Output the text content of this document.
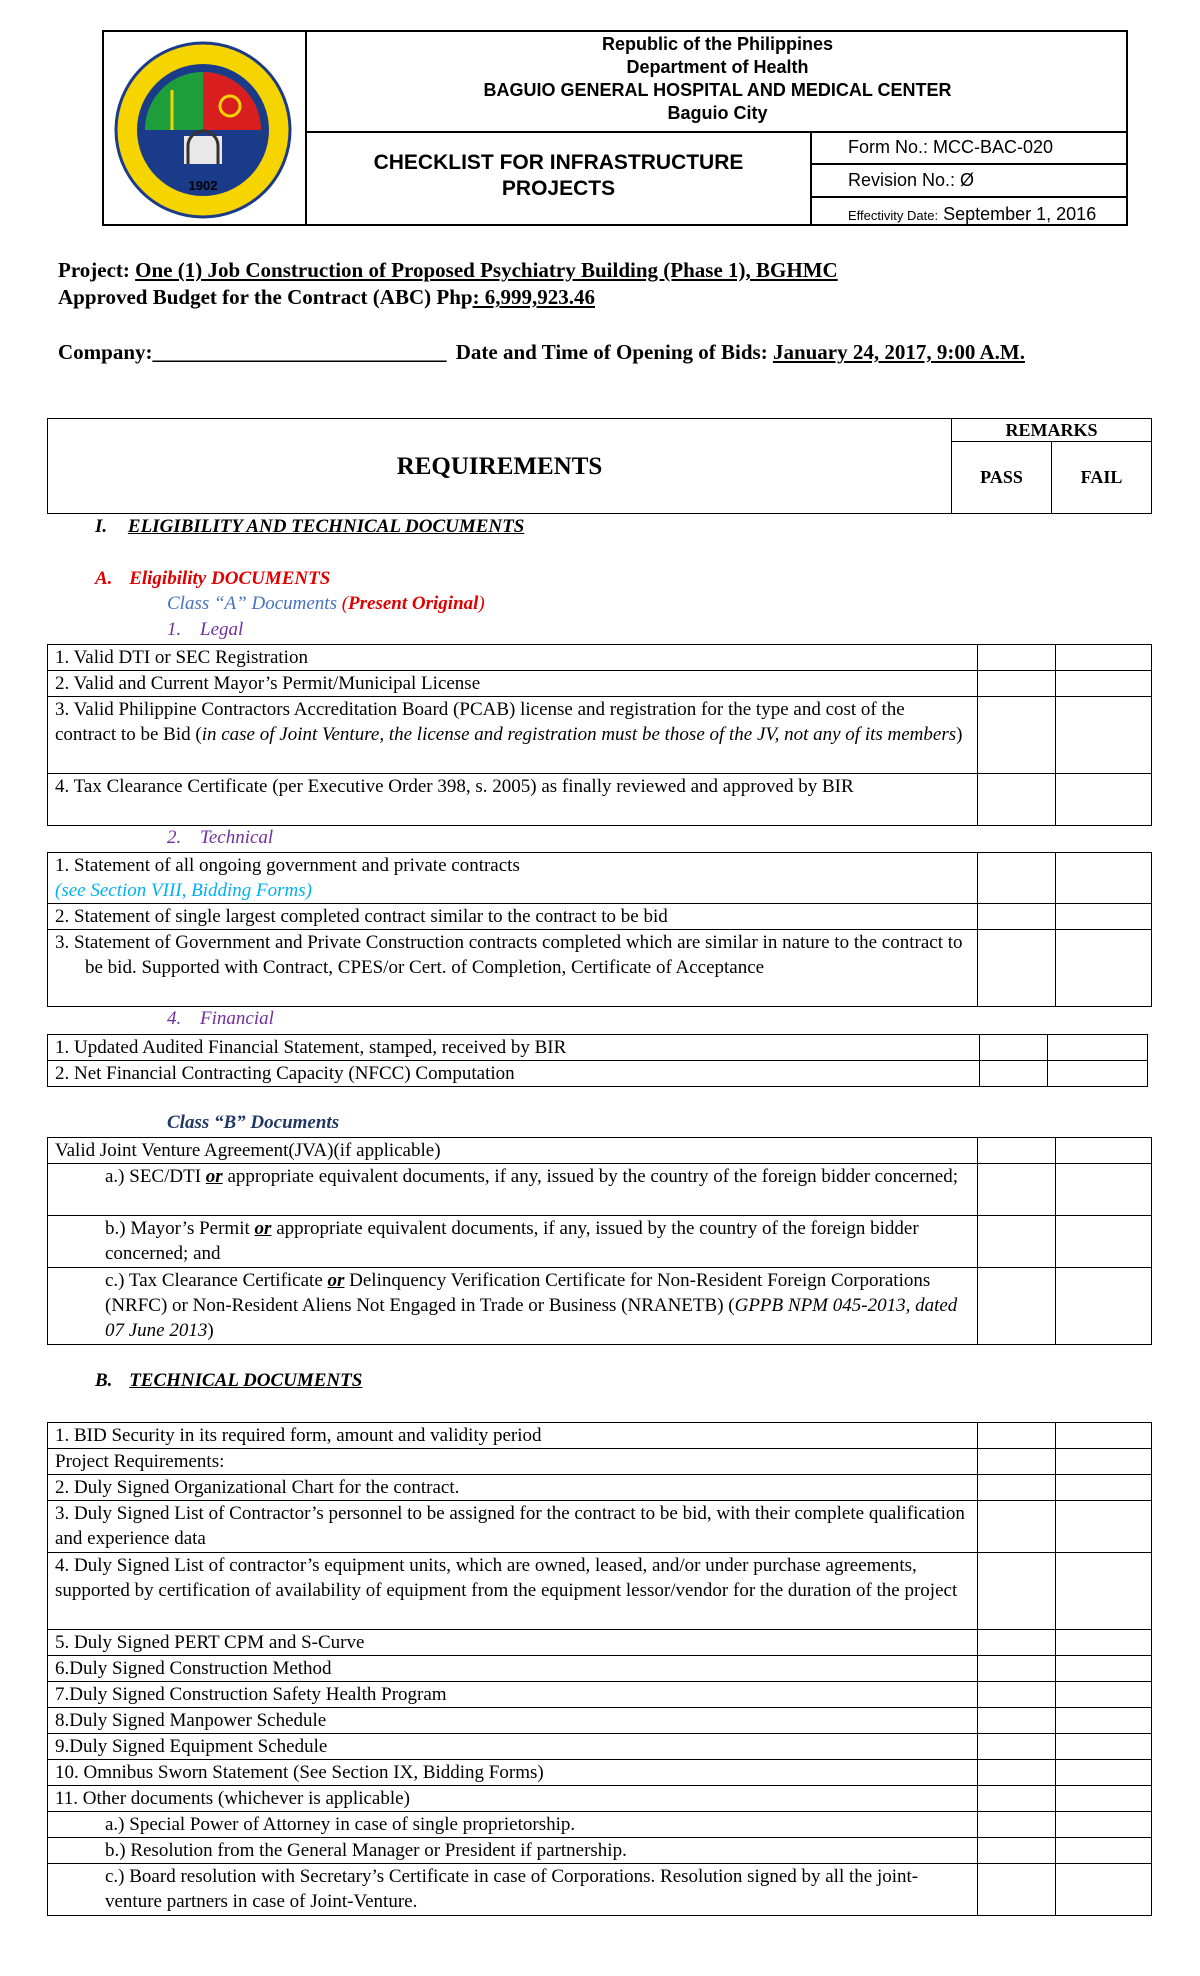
1902
Republic of the Philippines
Department of Health
BAGUIO GENERAL HOSPITAL AND MEDICAL CENTER
Baguio City
CHECKLIST FOR INFRASTRUCTURE
PROJECTS
Form No.: MCC-BAC-020
Revision No.: Ø
Effectivity Date: September 1, 2016
Project: One (1) Job Construction of Proposed Psychiatry Building (Phase 1), BGHMC
Approved Budget for the Contract (ABC) Php: 6,999,923.46
Company:____________________________ Date and Time of Opening of Bids: January 24, 2017, 9:00 A.M.
REQUIREMENTS	REMARKS	
	PASS	FAIL
I. ELIGIBILITY AND TECHNICAL DOCUMENTS
A. Eligibility DOCUMENTS
Class “A” Documents (Present Original)
1. Legal
1. Valid DTI or SEC Registration		
2. Valid and Current Mayor’s Permit/Municipal License		
3. Valid Philippine Contractors Accreditation Board (PCAB) license and registration for the type and cost of the contract to be Bid (in case of Joint Venture, the license and registration must be those of the JV, not any of its members)		
4. Tax Clearance Certificate (per Executive Order 398, s. 2005) as finally reviewed and approved by BIR		
2. Technical
1. Statement of all ongoing government and private contracts
(see Section VIII, Bidding Forms)		

2. Statement of single largest completed contract similar to the contract to be bid		
3. Statement of Government and Private Construction contracts completed which are similar in nature to the contract to be bid. Supported with Contract, CPES/or Cert. of Completion, Certificate of Acceptance		
4. Financial
1. Updated Audited Financial Statement, stamped, received by BIR		
2. Net Financial Contracting Capacity (NFCC) Computation		
Class “B” Documents
Valid Joint Venture Agreement(JVA)(if applicable)		
a.) SEC/DTI or appropriate equivalent documents, if any, issued by the country of the foreign bidder concerned;		
b.) Mayor’s Permit or appropriate equivalent documents, if any, issued by the country of the foreign bidder concerned; and		
c.) Tax Clearance Certificate or Delinquency Verification Certificate for Non-Resident Foreign Corporations (NRFC) or Non-Resident Aliens Not Engaged in Trade or Business (NRANETB) (GPPB NPM 045-2013, dated 07 June 2013)		
B. TECHNICAL DOCUMENTS
1. BID Security in its required form, amount and validity period		
Project Requirements:		
2. Duly Signed Organizational Chart for the contract.		
3. Duly Signed List of Contractor’s personnel to be assigned for the contract to be bid, with their complete qualification and experience data		
4. Duly Signed List of contractor’s equipment units, which are owned, leased, and/or under purchase agreements, supported by certification of availability of equipment from the equipment lessor/vendor for the duration of the project		
5. Duly Signed PERT CPM and S-Curve		
6.Duly Signed Construction Method		
7.Duly Signed Construction Safety Health Program		
8.Duly Signed Manpower Schedule		
9.Duly Signed Equipment Schedule		
10. Omnibus Sworn Statement (See Section IX, Bidding Forms)		
11. Other documents (whichever is applicable)		
a.) Special Power of Attorney in case of single proprietorship.		
b.) Resolution from the General Manager or President if partnership.		
c.) Board resolution with Secretary’s Certificate in case of Corporations. Resolution signed by all the joint-venture partners in case of Joint-Venture.		
